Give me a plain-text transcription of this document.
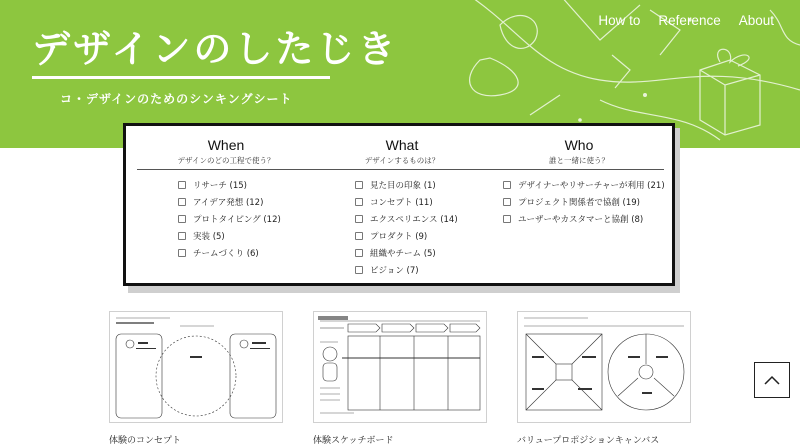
デザインのしたじき
コ・デザインのためのシンキングシート
How to Reference About
When
デザインのどの工程で使う？
What
デザインするものは？
Who
誰と一緒に使う？
リサーチ (15)
アイデア発想 (12)
プロトタイピング (12)
実装 (5)
チームづくり (6)
見た目の印象 (1)
コンセプト (11)
エクスペリエンス (14)
プロダクト (9)
組織やチーム (5)
ビジョン (7)
デザイナーやリサーチャーが利用 (21)
プロジェクト関係者で協創 (19)
ユーザーやカスタマーと協創 (8)
体験のコンセプト	体験スケッチボード	バリュープロポジションキャンバス
